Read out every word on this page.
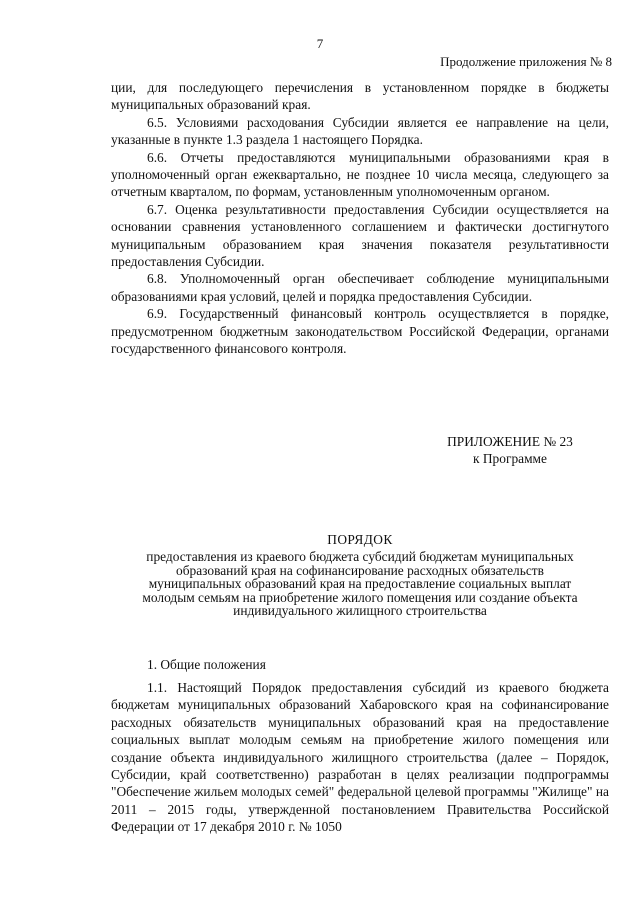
7
Продолжение приложения № 8

ции, для последующего перечисления в установленном порядке в бюджеты муниципальных образований края.

6.5. Условиями расходования Субсидии является ее направление на цели, указанные в пункте 1.3 раздела 1 настоящего Порядка.

6.6. Отчеты предоставляются муниципальными образованиями края в уполномоченный орган ежеквартально, не позднее 10 числа месяца, следующего за отчетным кварталом, по формам, установленным уполномоченным органом.

6.7. Оценка результативности предоставления Субсидии осуществляется на основании сравнения установленного соглашением и фактически достигнутого муниципальным образованием края значения показателя результативности предоставления Субсидии.

6.8. Уполномоченный орган обеспечивает соблюдение муниципальными образованиями края условий, целей и порядка предоставления Субсидии.

6.9. Государственный финансовый контроль осуществляется в порядке, предусмотренном бюджетным законодательством Российской Федерации, органами государственного финансового контроля.

ПРИЛОЖЕНИЕ № 23
к Программе
ПОРЯДОК
предоставления из краевого бюджета субсидий бюджетам муниципальных
образований края на софинансирование расходных обязательств
муниципальных образований края на предоставление социальных выплат
молодым семьям на приобретение жилого помещения или создание объекта
индивидуального жилищного строительства
1. Общие положения

1.1. Настоящий Порядок предоставления субсидий из краевого бюджета бюджетам муниципальных образований Хабаровского края на софинансирование расходных обязательств муниципальных образований края на предоставление социальных выплат молодым семьям на приобретение жилого помещения или создание объекта индивидуального жилищного строительства (далее – Порядок, Субсидии, край соответственно) разработан в целях реализации подпрограммы "Обеспечение жильем молодых семей" федеральной целевой программы "Жилище" на 2011 – 2015 годы, утвержденной постановлением Правительства Российской Федерации от 17 декабря 2010 г. № 1050
